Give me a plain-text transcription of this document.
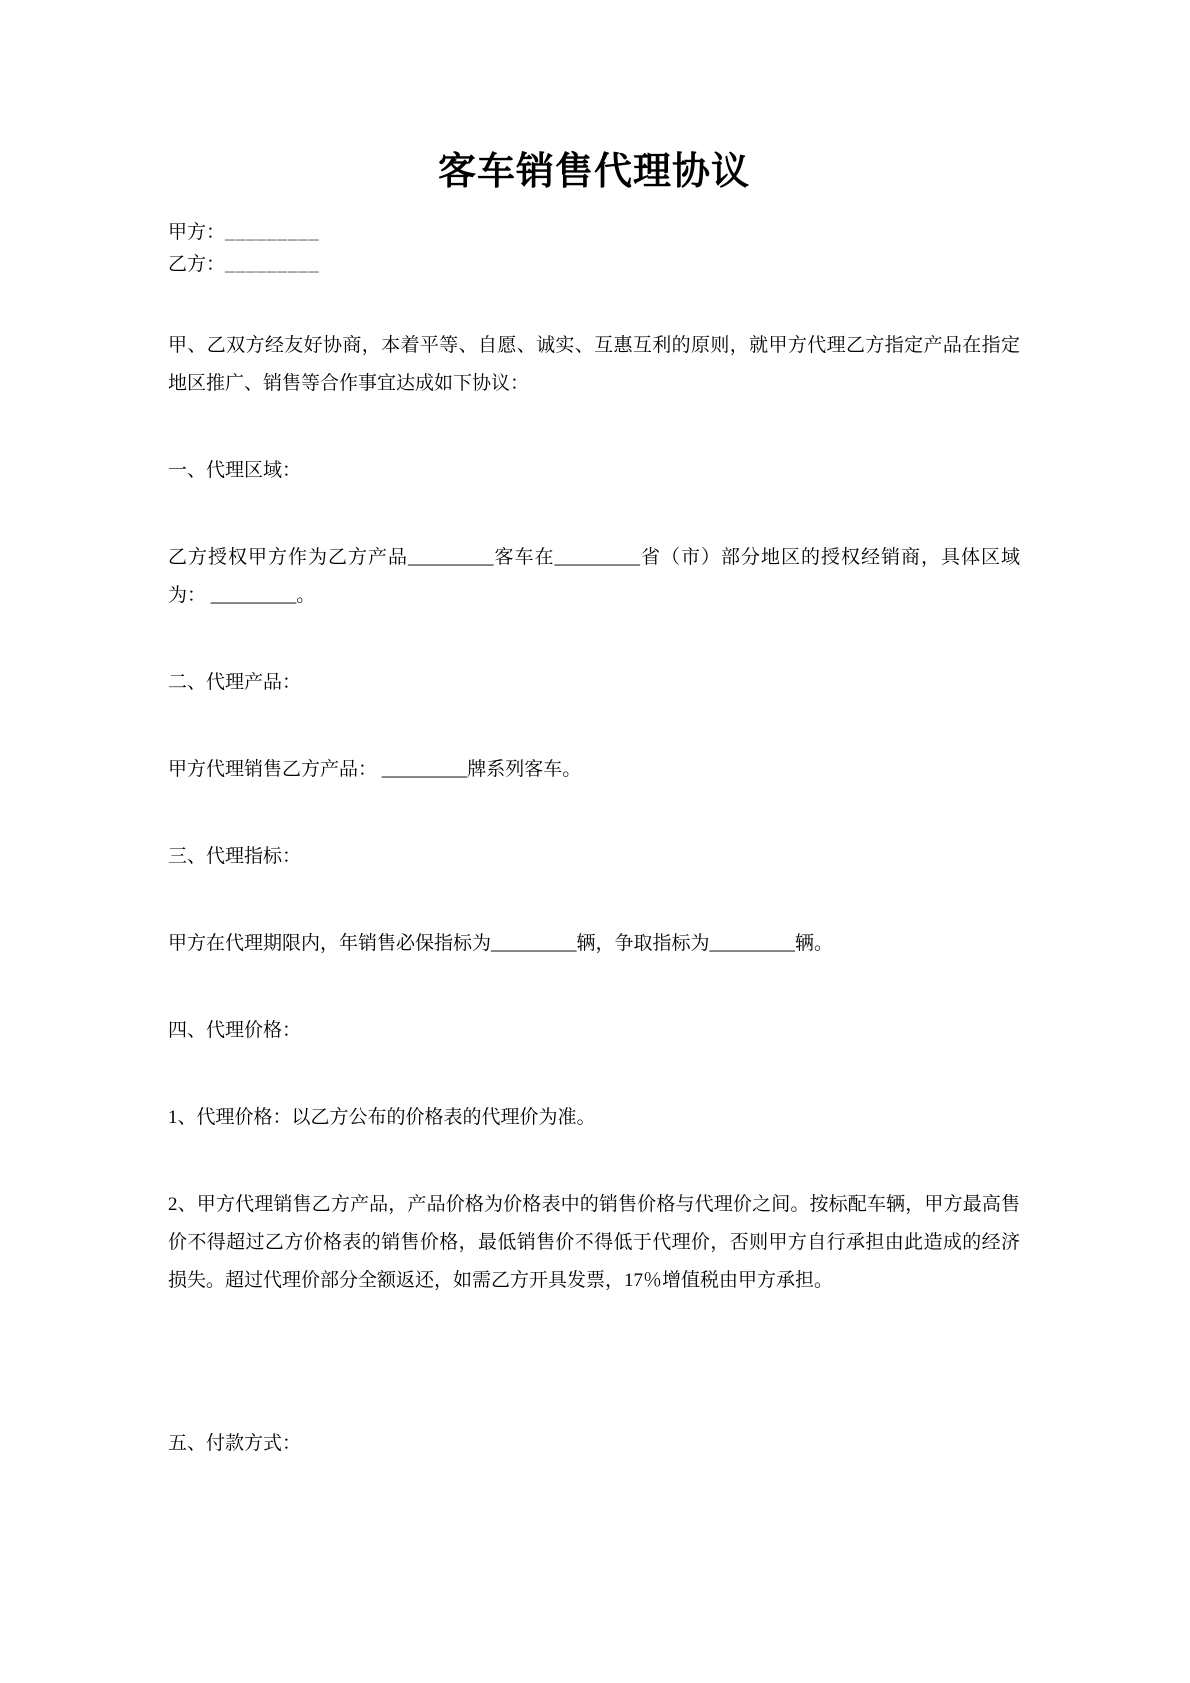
客车销售代理协议
甲方：_________
乙方：_________

甲、乙双方经友好协商，本着平等、自愿、诚实、互惠互利的原则，就甲方代理乙方指定产品在指定地区推广、销售等合作事宜达成如下协议：

一、代理区域：

乙方授权甲方作为乙方产品_________客车在_________省（市）部分地区的授权经销商，具体区域为： _________。

二、代理产品：

甲方代理销售乙方产品： _________牌系列客车。

三、代理指标：

甲方在代理期限内，年销售必保指标为_________辆，争取指标为_________辆。

四、代理价格：

1、代理价格：以乙方公布的价格表的代理价为准。

2、甲方代理销售乙方产品，产品价格为价格表中的销售价格与代理价之间。按标配车辆，甲方最高售价不得超过乙方价格表的销售价格，最低销售价不得低于代理价，否则甲方自行承担由此造成的经济损失。超过代理价部分全额返还，如需乙方开具发票，17％增值税由甲方承担。

五、付款方式：
